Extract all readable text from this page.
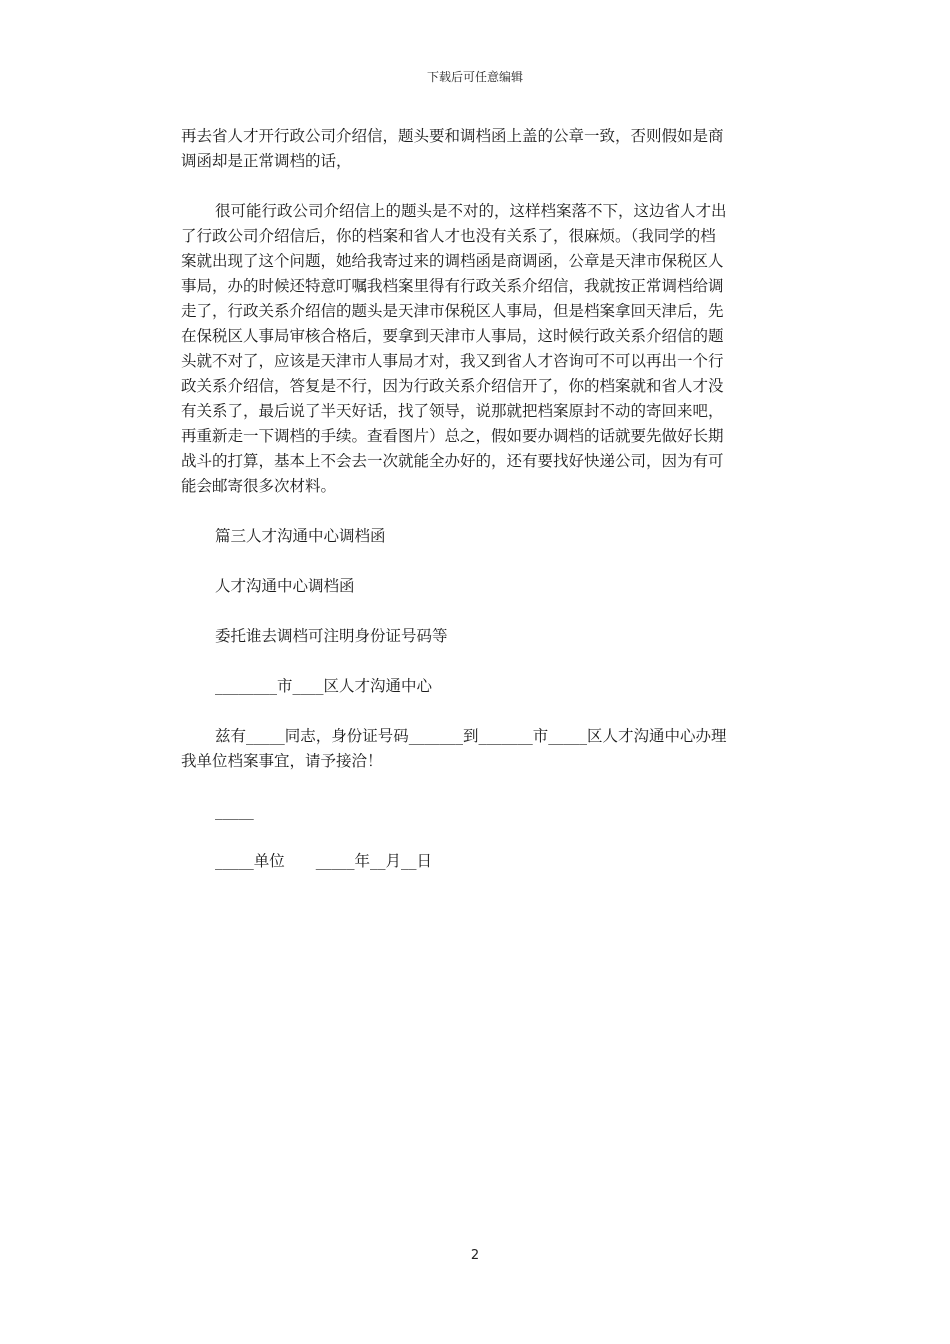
下载后可任意编辑

再去省人才开行政公司介绍信，题头要和调档函上盖的公章一致，否则假如是商
调函却是正常调档的话，

很可能行政公司介绍信上的题头是不对的，这样档案落不下，这边省人才出
了行政公司介绍信后，你的档案和省人才也没有关系了，很麻烦。（我同学的档
案就出现了这个问题，她给我寄过来的调档函是商调函，公章是天津市保税区人
事局，办的时候还特意叮嘱我档案里得有行政关系介绍信，我就按正常调档给调
走了，行政关系介绍信的题头是天津市保税区人事局，但是档案拿回天津后，先
在保税区人事局审核合格后，要拿到天津市人事局，这时候行政关系介绍信的题
头就不对了，应该是天津市人事局才对，我又到省人才咨询可不可以再出一个行
政关系介绍信，答复是不行，因为行政关系介绍信开了，你的档案就和省人才没
有关系了，最后说了半天好话，找了领导，说那就把档案原封不动的寄回来吧，
再重新走一下调档的手续。查看图片）总之，假如要办调档的话就要先做好长期
战斗的打算，基本上不会去一次就能全办好的，还有要找好快递公司，因为有可
能会邮寄很多次材料。

篇三人才沟通中心调档函

人才沟通中心调档函

委托谁去调档可注明身份证号码等

________市____区人才沟通中心

兹有_____同志，身份证号码_______到_______市_____区人才沟通中心办理
我单位档案事宜，请予接洽！

_____

_____单位　　_____年__月__日

2
